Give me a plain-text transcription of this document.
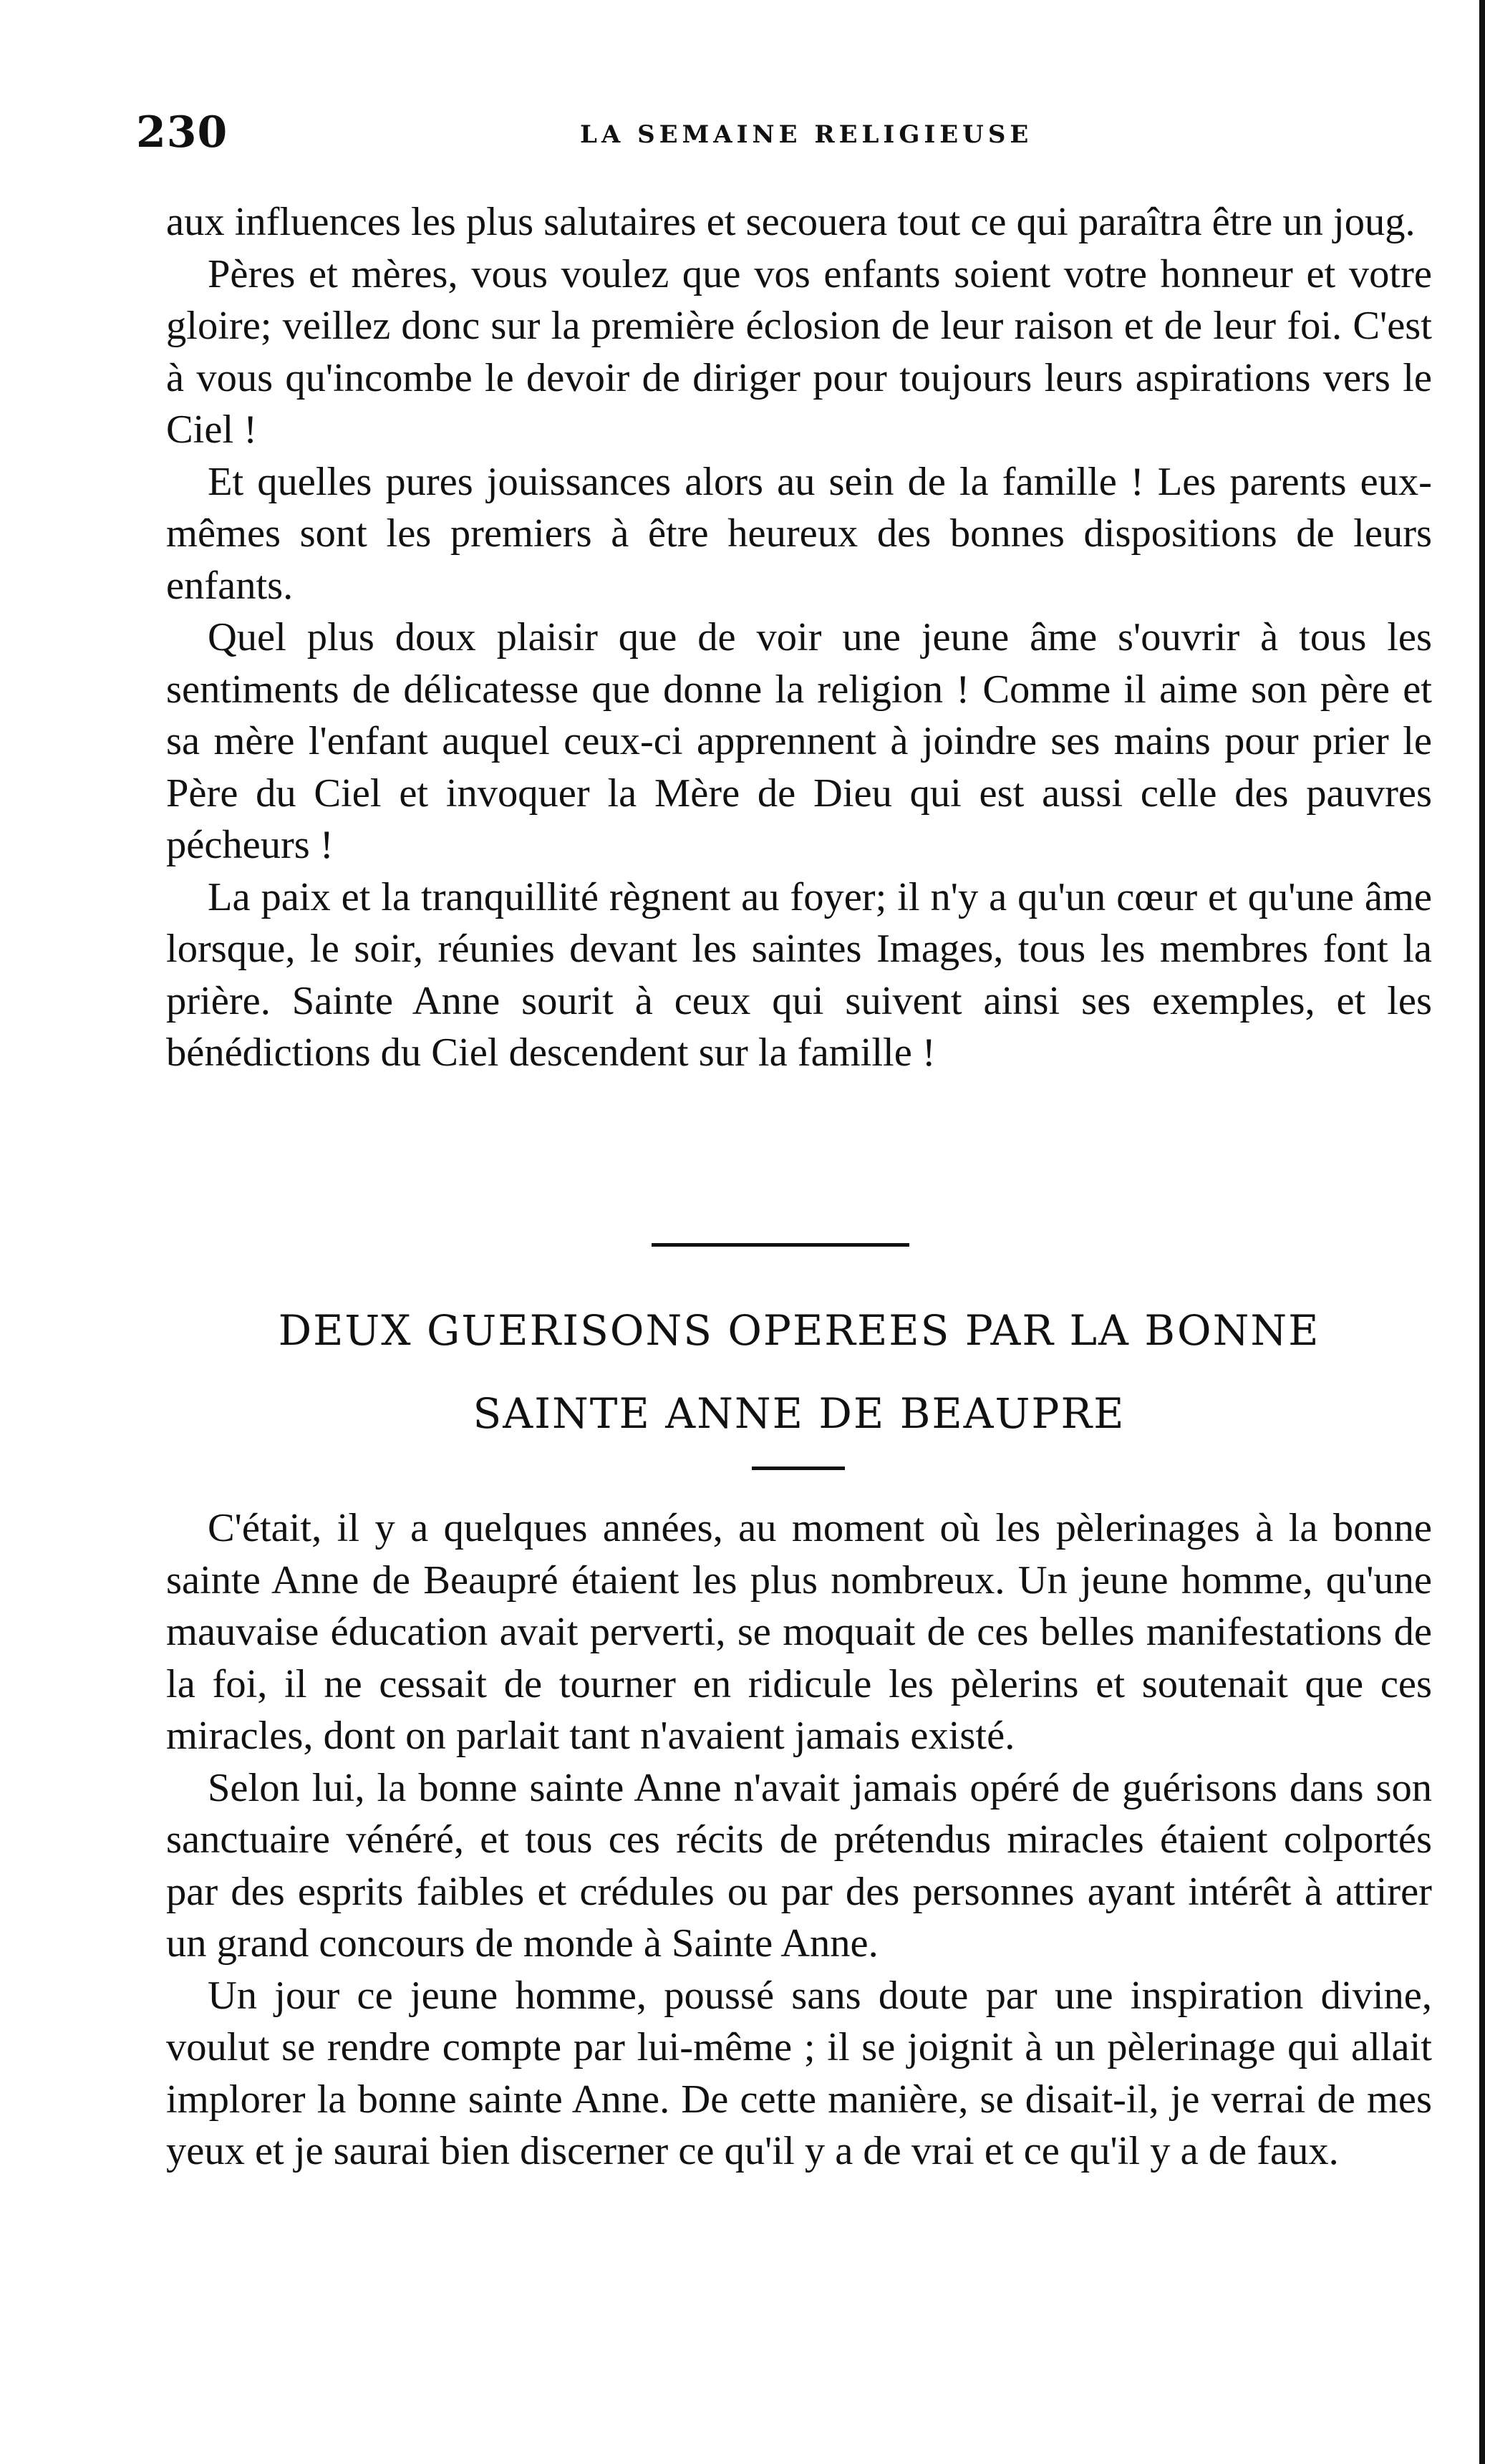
230	LA SEMAINE RELIGIEUSE

aux influences les plus salutaires et secouera tout ce qui paraîtra être un joug.

Pères et mères, vous voulez que vos enfants soient votre honneur et votre gloire; veillez donc sur la première éclosion de leur raison et de leur foi. C'est à vous qu'incombe le devoir de diriger pour toujours leurs aspirations vers le Ciel !

Et quelles pures jouissances alors au sein de la famille ! Les parents eux-mêmes sont les premiers à être heureux des bonnes dispositions de leurs enfants.

Quel plus doux plaisir que de voir une jeune âme s'ouvrir à tous les sentiments de délicatesse que donne la religion ! Comme il aime son père et sa mère l'enfant auquel ceux-ci apprennent à joindre ses mains pour prier le Père du Ciel et invoquer la Mère de Dieu qui est aussi celle des pauvres pécheurs !

La paix et la tranquillité règnent au foyer; il n'y a qu'un cœur et qu'une âme lorsque, le soir, réunies devant les saintes Images, tous les membres font la prière. Sainte Anne sourit à ceux qui suivent ainsi ses exemples, et les bénédictions du Ciel descendent sur la famille !

DEUX GUERISONS OPEREES PAR LA BONNE
SAINTE ANNE DE BEAUPRE

C'était, il y a quelques années, au moment où les pèlerinages à la bonne sainte Anne de Beaupré étaient les plus nombreux. Un jeune homme, qu'une mauvaise éducation avait perverti, se moquait de ces belles manifestations de la foi, il ne cessait de tourner en ridicule les pèlerins et soutenait que ces miracles, dont on parlait tant n'avaient jamais existé.

Selon lui, la bonne sainte Anne n'avait jamais opéré de guérisons dans son sanctuaire vénéré, et tous ces récits de prétendus miracles étaient colportés par des esprits faibles et crédules ou par des personnes ayant intérêt à attirer un grand concours de monde à Sainte Anne.

Un jour ce jeune homme, poussé sans doute par une inspiration divine, voulut se rendre compte par lui-même ; il se joignit à un pèlerinage qui allait implorer la bonne sainte Anne. De cette manière, se disait-il, je verrai de mes yeux et je saurai bien discerner ce qu'il y a de vrai et ce qu'il y a de faux.
